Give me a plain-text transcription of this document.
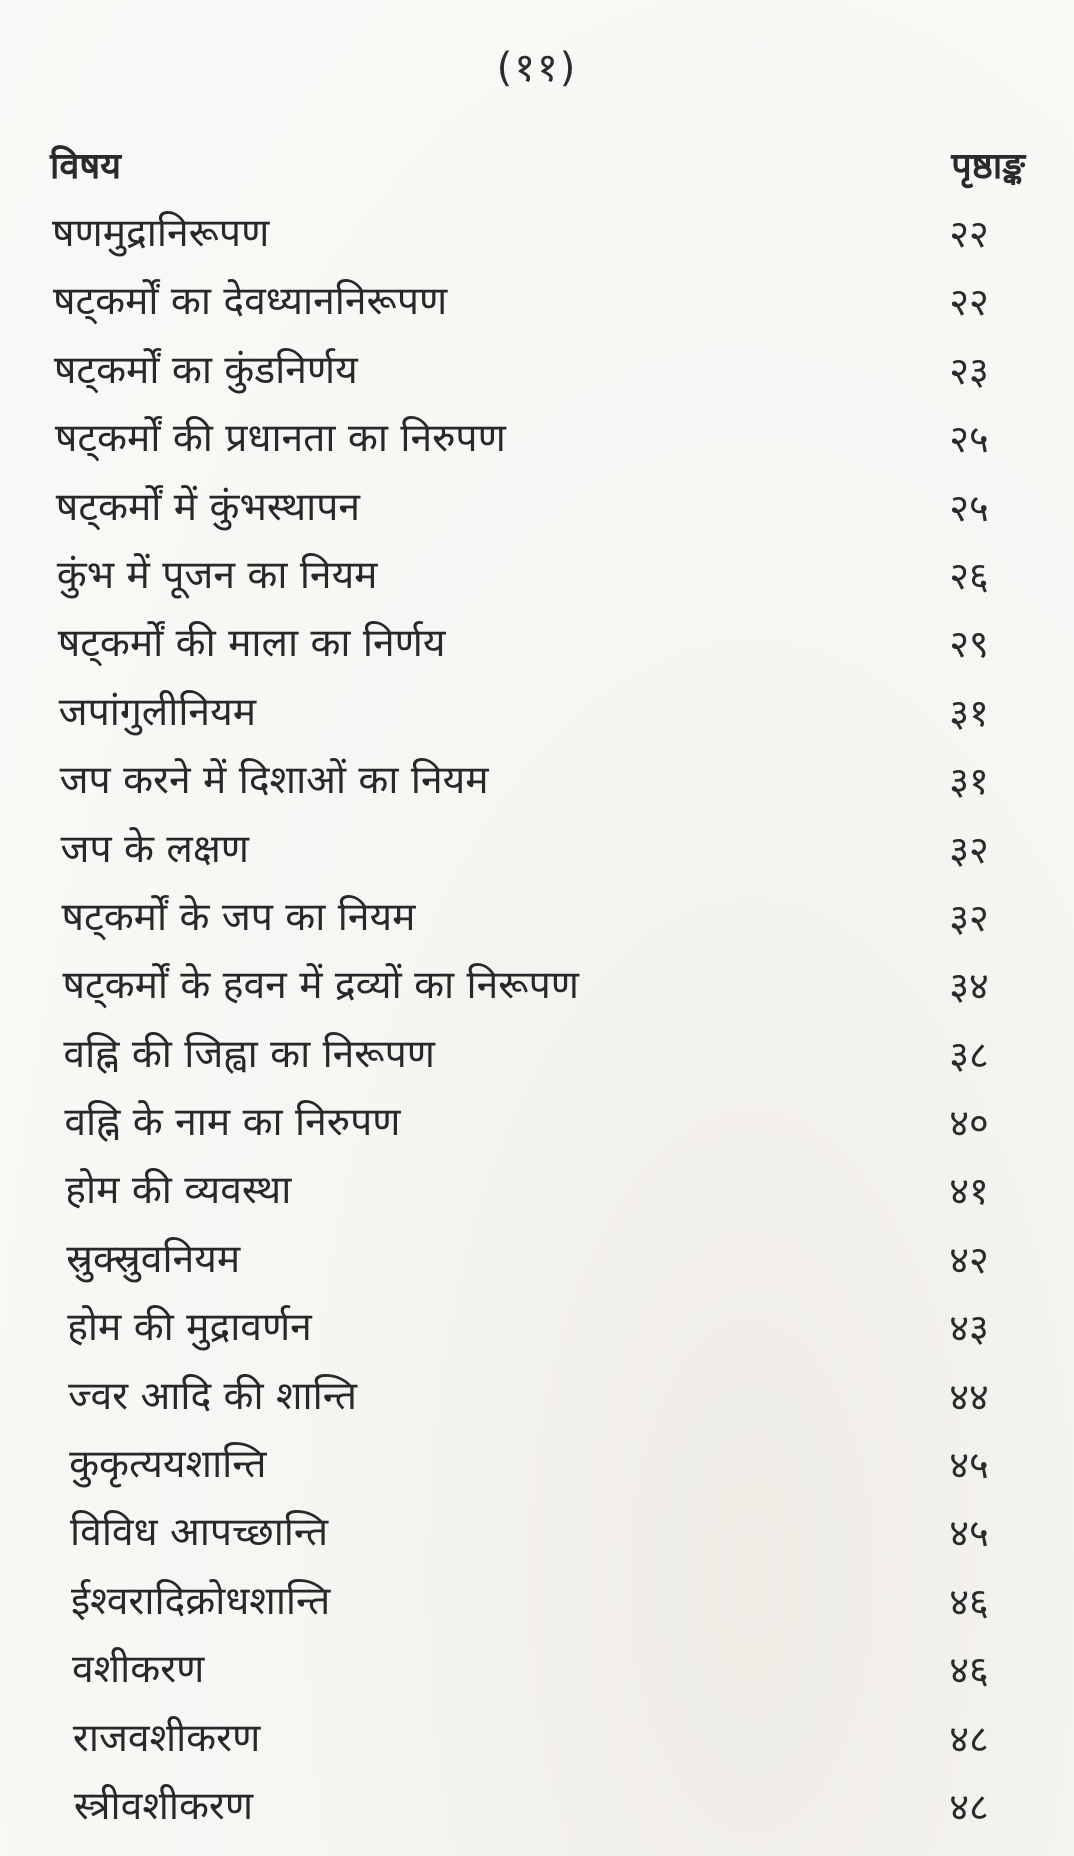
(११)
विषय	पृष्ठाङ्क
षणमुद्रानिरूपण	२२
षट्कर्मों का देवध्याननिरूपण	२२
षट्कर्मों का कुंडनिर्णय	२३
षट्कर्मों की प्रधानता का निरुपण	२५
षट्कर्मों में कुंभस्थापन	२५
कुंभ में पूजन का नियम	२६
षट्कर्मों की माला का निर्णय	२९
जपांगुलीनियम	३१
जप करने में दिशाओं का नियम	३१
जप के लक्षण	३२
षट्कर्मों के जप का नियम	३२
षट्कर्मों के हवन में द्रव्यों का निरूपण	३४
वह्नि की जिह्वा का निरूपण	३८
वह्नि के नाम का निरुपण	४०
होम की व्यवस्था	४१
स्रुक्स्रुवनियम	४२
होम की मुद्रावर्णन	४३
ज्वर आदि की शान्ति	४४
कुकृत्ययशान्ति	४५
विविध आपच्छान्ति	४५
ईश्वरादिक्रोधशान्ति	४६
वशीकरण	४६
राजवशीकरण	४८
स्त्रीवशीकरण	४८
